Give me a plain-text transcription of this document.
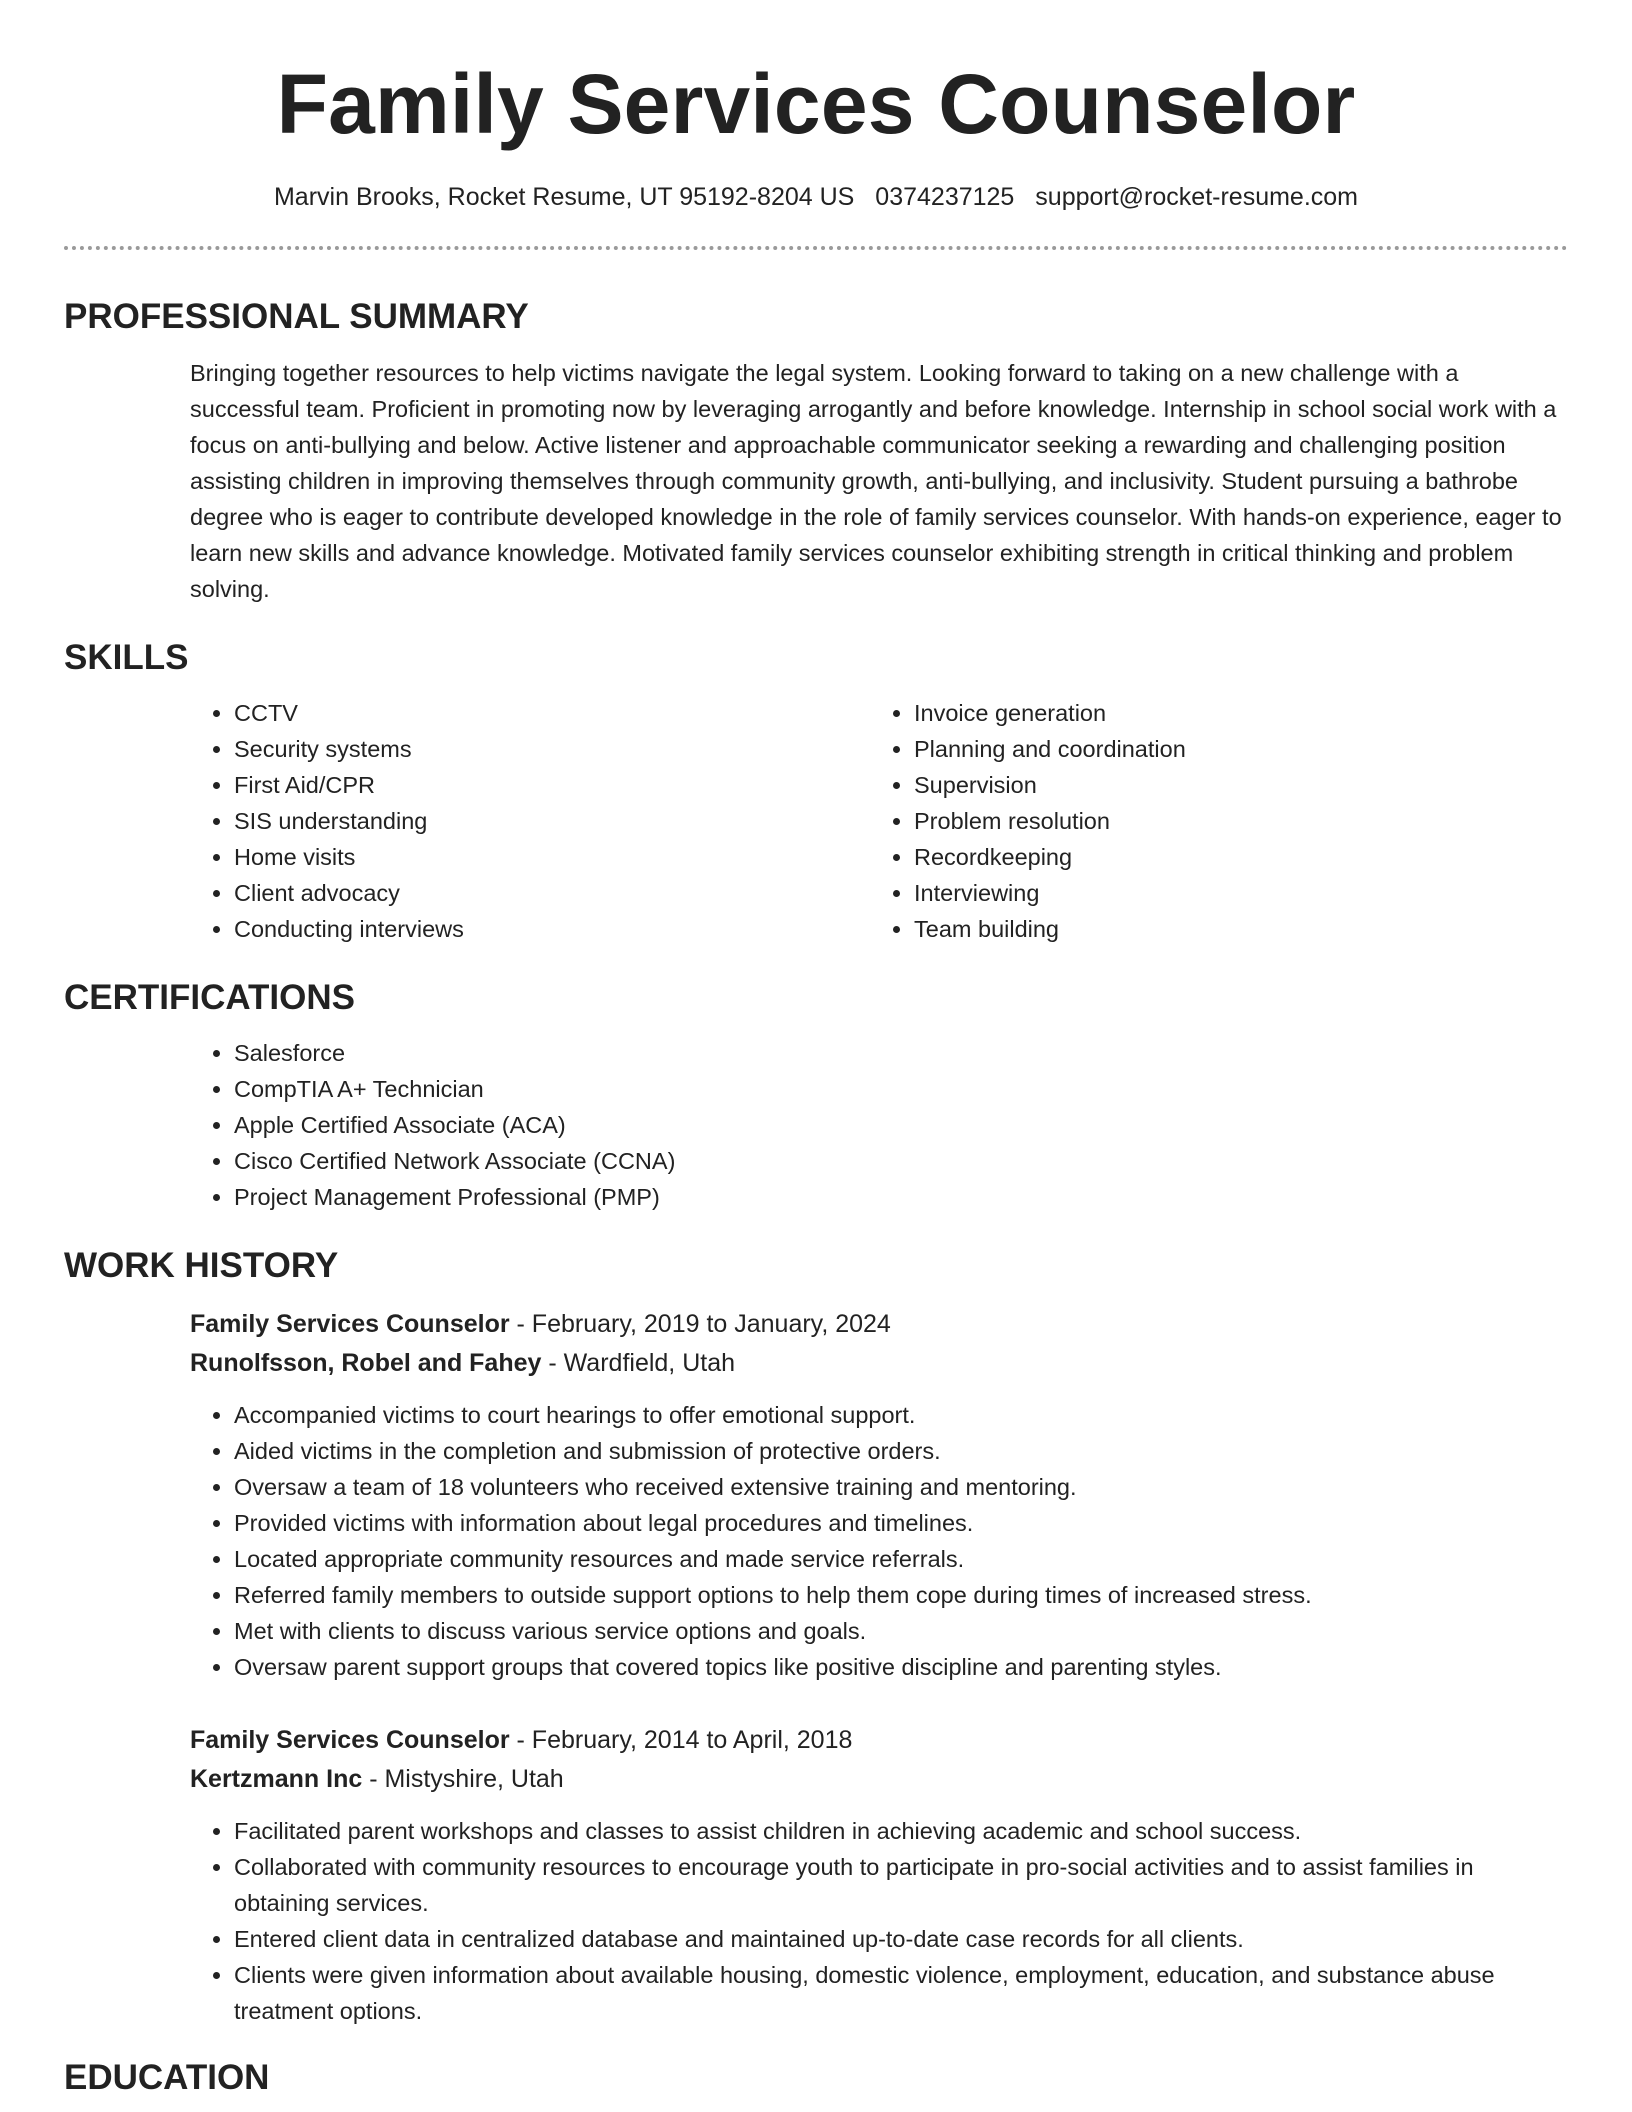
Family Services Counselor
Marvin Brooks, Rocket Resume, UT 95192-8204 US 0374237125 support@rocket-resume.com
PROFESSIONAL SUMMARY

Bringing together resources to help victims navigate the legal system. Looking forward to taking on a new challenge with a successful team. Proficient in promoting now by leveraging arrogantly and before knowledge. Internship in school social work with a focus on anti-bullying and below. Active listener and approachable communicator seeking a rewarding and challenging position assisting children in improving themselves through community growth, anti-bullying, and inclusivity. Student pursuing a bathrobe degree who is eager to contribute developed knowledge in the role of family services counselor. With hands-on experience, eager to learn new skills and advance knowledge. Motivated family services counselor exhibiting strength in critical thinking and problem solving.

SKILLS
• CCTV
• Security systems
• First Aid/CPR
• SIS understanding
• Home visits
• Client advocacy
• Conducting interviews
• Invoice generation
• Planning and coordination
• Supervision
• Problem resolution
• Recordkeeping
• Interviewing
• Team building
CERTIFICATIONS
• Salesforce
• CompTIA A+ Technician
• Apple Certified Associate (ACA)
• Cisco Certified Network Associate (CCNA)
• Project Management Professional (PMP)
WORK HISTORY
Family Services Counselor - February, 2019 to January, 2024
Runolfsson, Robel and Fahey - Wardfield, Utah
• Accompanied victims to court hearings to offer emotional support.
• Aided victims in the completion and submission of protective orders.
• Oversaw a team of 18 volunteers who received extensive training and mentoring.
• Provided victims with information about legal procedures and timelines.
• Located appropriate community resources and made service referrals.
• Referred family members to outside support options to help them cope during times of increased stress.
• Met with clients to discuss various service options and goals.
• Oversaw parent support groups that covered topics like positive discipline and parenting styles.
Family Services Counselor - February, 2014 to April, 2018
Kertzmann Inc - Mistyshire, Utah
• Facilitated parent workshops and classes to assist children in achieving academic and school success.
• Collaborated with community resources to encourage youth to participate in pro-social activities and to assist families in obtaining services.
• Entered client data in centralized database and maintained up-to-date case records for all clients.
• Clients were given information about available housing, domestic violence, employment, education, and substance abuse treatment options.
EDUCATION
